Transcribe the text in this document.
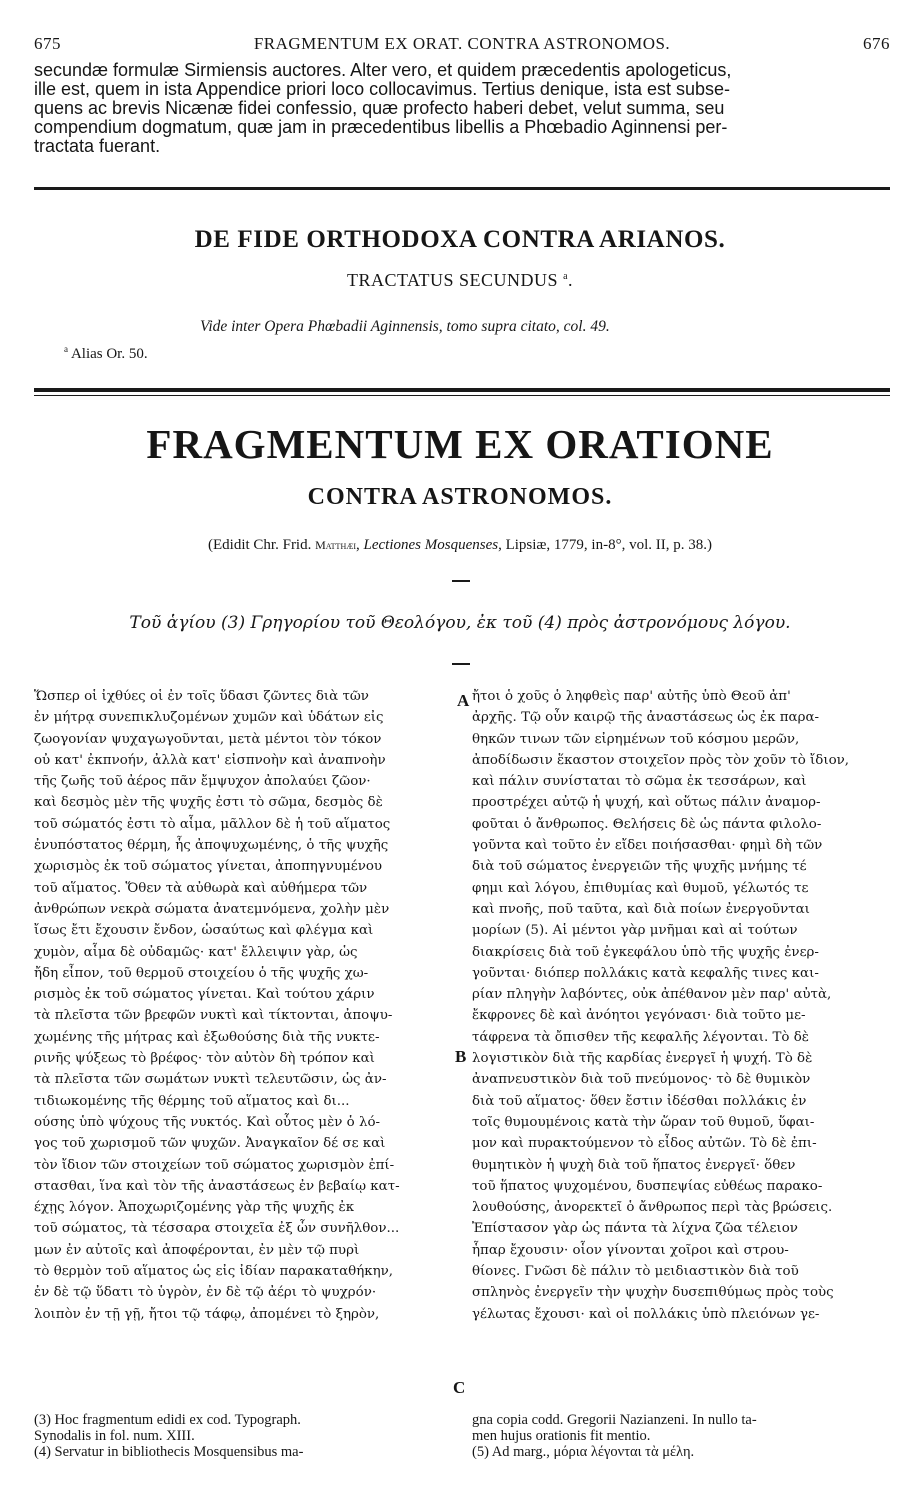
675	FRAGMENTUM EX ORAT. CONTRA ASTRONOMOS.	676
secundæ formulæ Sirmiensis auctores. Alter vero, et quidem præcedentis apologeticus,
ille est, quem in ista Appendice priori loco collocavimus. Tertius denique, ista est subse-
quens ac brevis Nicænæ fidei confessio, quæ profecto haberi debet, velut summa, seu
compendium dogmatum, quæ jam in præcedentibus libellis a Phœbadio Aginnensi per-
tractata fuerant.
DE FIDE ORTHODOXA CONTRA ARIANOS.
TRACTATUS SECUNDUS $^a$.
Vide inter Opera Phœbadii Aginnensis, tomo supra citato, col. 49.
$^a$ Alias Or. 50.
FRAGMENTUM EX ORATIONE
CONTRA ASTRONOMOS.
(Edidit Chr. Frid. Matthæi, Lectiones Mosquenses, Lipsiæ, 1779, in-8°, vol. II, p. 38.)
Τοῦ ἁγίου (3) Γρηγορίου τοῦ Θεολόγου, ἐκ τοῦ (4) πρὸς ἀστρονόμους λόγου.
Ὥσπερ οἱ ἰχθύες οἱ ἐν τοῖς ὕδασι ζῶντες διὰ τῶν
ἐν μήτρᾳ συνεπικλυζομένων χυμῶν καὶ ὑδάτων εἰς
ζωογονίαν ψυχαγωγοῦνται, μετὰ μέντοι τὸν τόκον
οὐ κατ' ἐκπνοήν, ἀλλὰ κατ' εἰσπνοὴν καὶ ἀναπνοὴν
τῆς ζωῆς τοῦ ἀέρος πᾶν ἔμψυχον ἀπολαύει ζῶον·
καὶ δεσμὸς μὲν τῆς ψυχῆς ἐστι τὸ σῶμα, δεσμὸς δὲ
τοῦ σώματός ἐστι τὸ αἷμα, μᾶλλον δὲ ἡ τοῦ αἵματος
ἐνυπόστατος θέρμη, ἧς ἀποψυχωμένης, ὁ τῆς ψυχῆς
χωρισμὸς ἐκ τοῦ σώματος γίνεται, ἀποπηγνυμένου
τοῦ αἵματος. Ὅθεν τὰ αὐθωρὰ καὶ αὐθήμερα τῶν
ἀνθρώπων νεκρὰ σώματα ἀνατεμνόμενα, χολὴν μὲν
ἴσως ἔτι ἔχουσιν ἔνδον, ὡσαύτως καὶ φλέγμα καὶ
χυμὸν, αἷμα δὲ οὐδαμῶς· κατ' ἔλλειψιν γὰρ, ὡς
ἤδη εἶπον, τοῦ θερμοῦ στοιχείου ὁ τῆς ψυχῆς χω-
ρισμὸς ἐκ τοῦ σώματος γίνεται. Καὶ τούτου χάριν
τὰ πλεῖστα τῶν βρεφῶν νυκτὶ καὶ τίκτονται, ἀποψυ-
χωμένης τῆς μήτρας καὶ ἐξωθούσης διὰ τῆς νυκτε-
ρινῆς ψύξεως τὸ βρέφος· τὸν αὐτὸν δὴ τρόπον καὶ
τὰ πλεῖστα τῶν σωμάτων νυκτὶ τελευτῶσιν, ὡς ἀν-
τιδιωκομένης τῆς θέρμης τοῦ αἵματος καὶ δι...
ούσης ὑπὸ ψύχους τῆς νυκτός. Καὶ οὗτος μὲν ὁ λό-
γος τοῦ χωρισμοῦ τῶν ψυχῶν. Ἀναγκαῖον δέ σε καὶ
τὸν ἴδιον τῶν στοιχείων τοῦ σώματος χωρισμὸν ἐπί-
στασθαι, ἵνα καὶ τὸν τῆς ἀναστάσεως ἐν βεβαίῳ κατ-
έχῃς λόγον. Ἀποχωριζομένης γὰρ τῆς ψυχῆς ἐκ
τοῦ σώματος, τὰ τέσσαρα στοιχεῖα ἐξ ὧν συνῆλθον...
μων ἐν αὐτοῖς καὶ ἀποφέρονται, ἐν μὲν τῷ πυρὶ
τὸ θερμὸν τοῦ αἵματος ὡς εἰς ἰδίαν παρακαταθήκην,
ἐν δὲ τῷ ὕδατι τὸ ὑγρὸν, ἐν δὲ τῷ ἀέρι τὸ ψυχρόν·
λοιπὸν ἐν τῇ γῇ, ἤτοι τῷ τάφῳ, ἀπομένει τὸ ξηρὸν,
ἤτοι ὁ χοῦς ὁ ληφθεὶς παρ' αὐτῆς ὑπὸ Θεοῦ ἀπ'
ἀρχῆς. Τῷ οὖν καιρῷ τῆς ἀναστάσεως ὡς ἐκ παρα-
θηκῶν τινων τῶν εἰρημένων τοῦ κόσμου μερῶν,
ἀποδίδωσιν ἕκαστον στοιχεῖον πρὸς τὸν χοῦν τὸ ἴδιον,
καὶ πάλιν συνίσταται τὸ σῶμα ἐκ τεσσάρων, καὶ
προστρέχει αὐτῷ ἡ ψυχή, καὶ οὕτως πάλιν ἀναμορ-
φοῦται ὁ ἄνθρωπος. Θελήσεις δὲ ὡς πάντα φιλολο-
γοῦντα καὶ τοῦτο ἐν εἴδει ποιήσασθαι· φημὶ δὴ τῶν
διὰ τοῦ σώματος ἐνεργειῶν τῆς ψυχῆς μνήμης τέ
φημι καὶ λόγου, ἐπιθυμίας καὶ θυμοῦ, γέλωτός τε
καὶ πνοῆς, ποῦ ταῦτα, καὶ διὰ ποίων ἐνεργοῦνται
μορίων (5). Αἱ μέντοι γὰρ μνῆμαι καὶ αἱ τούτων
διακρίσεις διὰ τοῦ ἐγκεφάλου ὑπὸ τῆς ψυχῆς ἐνερ-
γοῦνται· διόπερ πολλάκις κατὰ κεφαλῆς τινες και-
ρίαν πληγὴν λαβόντες, οὐκ ἀπέθανον μὲν παρ' αὐτὰ,
ἔκφρονες δὲ καὶ ἀνόητοι γεγόνασι· διὰ τοῦτο με-
τάφρενα τὰ ὄπισθεν τῆς κεφαλῆς λέγονται. Τὸ δὲ
λογιστικὸν διὰ τῆς καρδίας ἐνεργεῖ ἡ ψυχή. Τὸ δὲ
ἀναπνευστικὸν διὰ τοῦ πνεύμονος· τὸ δὲ θυμικὸν
διὰ τοῦ αἵματος· ὅθεν ἔστιν ἰδέσθαι πολλάκις ἐν
τοῖς θυμουμένοις κατὰ τὴν ὥραν τοῦ θυμοῦ, ὕφαι-
μον καὶ πυρακτούμενον τὸ εἶδος αὐτῶν. Τὸ δὲ ἐπι-
θυμητικὸν ἡ ψυχὴ διὰ τοῦ ἥπατος ἐνεργεῖ· ὅθεν
τοῦ ἥπατος ψυχομένου, δυσπεψίας εὐθέως παρακο-
λουθούσης, ἀνορεκτεῖ ὁ ἄνθρωπος περὶ τὰς βρώσεις.
Ἐπίστασον γὰρ ὡς πάντα τὰ λίχνα ζῶα τέλειον
ἧπαρ ἔχουσιν· οἷον γίνονται χοῖροι καὶ στρου-
θίονες. Γνῶσι δὲ πάλιν τὸ μειδιαστικὸν διὰ τοῦ
σπληνὸς ἐνεργεῖν τὴν ψυχὴν δυσεπιθύμως πρὸς τοὺς
γέλωτας ἔχουσι· καὶ οἱ πολλάκις ὑπὸ πλειόνων γε-
A
B
C
(3) Hoc fragmentum edidi ex cod. Typograph.
Synodalis in fol. num. XIII.
(4) Servatur in bibliothecis Mosquensibus ma-
gna copia codd. Gregorii Nazianzeni. In nullo ta-
men hujus orationis fit mentio.
(5) Ad marg., μόρια λέγονται τὰ μέλη.
